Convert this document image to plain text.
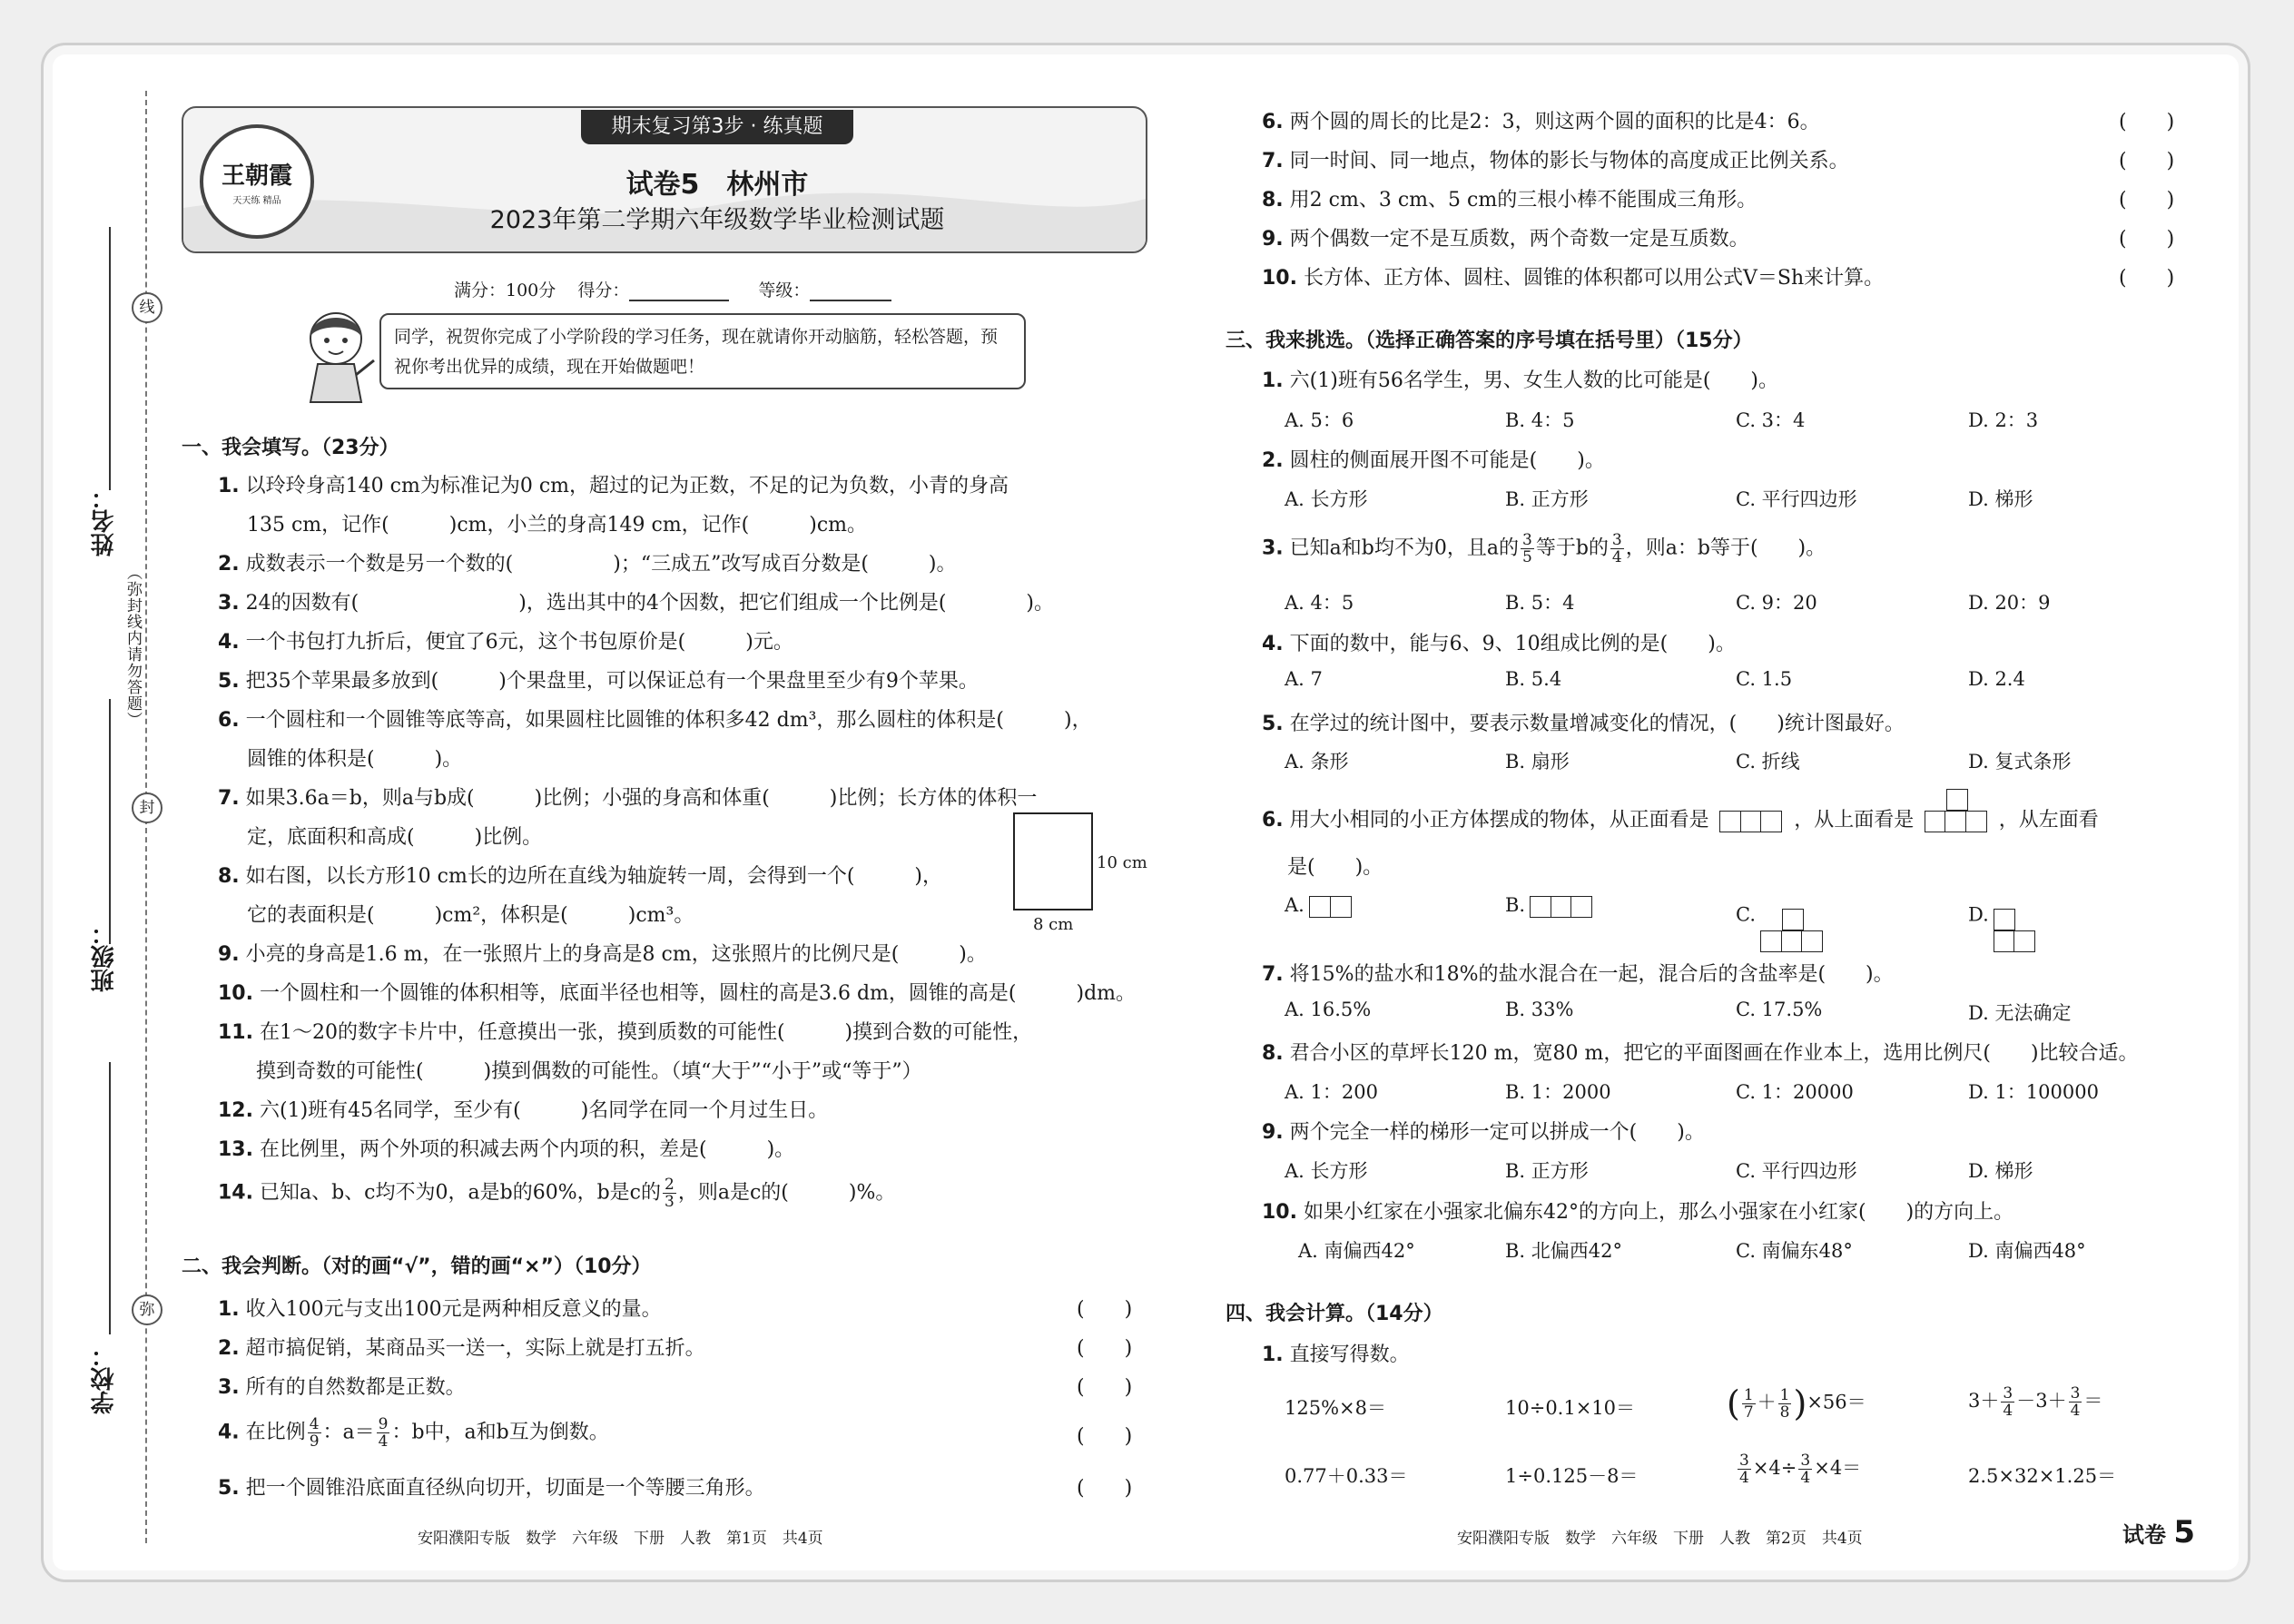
线
封
弥
姓名：
班级：
学校：
（弥封线内请勿答题）
期末复习第3步 · 练真题
王朝霞
天天练 精品
试卷5　林州市
2023年第二学期六年级数学毕业检测试题
满分：100分 得分：	等级：
同学，祝贺你完成了小学阶段的学习任务，现在就请你开动脑筋，轻松答题，预祝你考出优异的成绩，现在开始做题吧！
一、我会填写。（23分）
1. 以玲玲身高140 cm为标准记为0 cm，超过的记为正数，不足的记为负数，小青的身高
135 cm，记作(　　　)cm，小兰的身高149 cm，记作(　　　)cm。
2. 成数表示一个数是另一个数的(　　　　　)；“三成五”改写成百分数是(　　　)。
3. 24的因数有(　　　　　　　　)，选出其中的4个因数，把它们组成一个比例是(　　　　)。
4. 一个书包打九折后，便宜了6元，这个书包原价是(　　　)元。
5. 把35个苹果最多放到(　　　)个果盘里，可以保证总有一个果盘里至少有9个苹果。
6. 一个圆柱和一个圆锥等底等高，如果圆柱比圆锥的体积多42 dm³，那么圆柱的体积是(　　　)，
圆锥的体积是(　　　)。
7. 如果3.6a＝b，则a与b成(　　　)比例；小强的身高和体重(　　　)比例；长方体的体积一
定，底面积和高成(　　　)比例。
8. 如右图，以长方形10 cm长的边所在直线为轴旋转一周，会得到一个(　　　)，
它的表面积是(　　　)cm²，体积是(　　　)cm³。
10 cm
8 cm
9. 小亮的身高是1.6 m，在一张照片上的身高是8 cm，这张照片的比例尺是(　　　)。
10. 一个圆柱和一个圆锥的体积相等，底面半径也相等，圆柱的高是3.6 dm，圆锥的高是(　　　)dm。
11. 在1～20的数字卡片中，任意摸出一张，摸到质数的可能性(　　　)摸到合数的可能性，
摸到奇数的可能性(　　　)摸到偶数的可能性。（填“大于”“小于”或“等于”）
12. 六(1)班有45名同学，至少有(　　　)名同学在同一个月过生日。
13. 在比例里，两个外项的积减去两个内项的积，差是(　　　)。
14. 已知a、b、c均不为0，a是b的60%，b是c的 $\frac{2}{3}$ ，则a是c的(　　　)%。
二、我会判断。（对的画“√”，错的画“×”）（10分）
1. 收入100元与支出100元是两种相反意义的量。	(　　)
2. 超市搞促销，某商品买一送一，实际上就是打五折。	(　　)
3. 所有的自然数都是正数。	(　　)
4. 在比例 $\frac{4}{9}$ ：$a= \frac{9}{4}$ ：b中，a和b互为倒数。	(　　)
5. 把一个圆锥沿底面直径纵向切开，切面是一个等腰三角形。	(　　)
安阳濮阳专版　数学　六年级　下册　人教　第1页　共4页
6. 两个圆的周长的比是2：3，则这两个圆的面积的比是4：6。	(　　)
7. 同一时间、同一地点，物体的影长与物体的高度成正比例关系。	(　　)
8. 用2 cm、3 cm、5 cm的三根小棒不能围成三角形。	(　　)
9. 两个偶数一定不是互质数，两个奇数一定是互质数。	(　　)
10. 长方体、正方体、圆柱、圆锥的体积都可以用公式V＝Sh来计算。	(　　)
三、我来挑选。（选择正确答案的序号填在括号里）（15分）
1. 六(1)班有56名学生，男、女生人数的比可能是(　　)。
A. 5：6	B. 4：5	C. 3：4	D. 2：3
2. 圆柱的侧面展开图不可能是(　　)。
A. 长方形	B. 正方形	C. 平行四边形	D. 梯形
3. 已知a和b均不为0，且a的 $\frac{3}{5}$ 等于b的 $\frac{3}{4}$ ，则a：b等于(　　)。
A. 4：5	B. 5：4	C. 9：20	D. 20：9
4. 下面的数中，能与6、9、10组成比例的是(　　)。
A. 7	B. 5.4	C. 1.5	D. 2.4
5. 在学过的统计图中，要表示数量增减变化的情况，(　　)统计图最好。
A. 条形	B. 扇形	C. 折线	D. 复式条形
6. 用大小相同的小正方体摆成的物体，从正面看是	，从上面看是	，从左面看
是(　　)。
A.	B.	C.	D.
7. 将15%的盐水和18%的盐水混合在一起，混合后的含盐率是(　　)。
A. 16.5%	B. 33%	C. 17.5%	D. 无法确定
8. 君合小区的草坪长120 m，宽80 m，把它的平面图画在作业本上，选用比例尺(　　)比较合适。
A. 1：200	B. 1：2000	C. 1：20000	D. 1：100000
9. 两个完全一样的梯形一定可以拼成一个(　　)。
A. 长方形	B. 正方形	C. 平行四边形	D. 梯形
10. 如果小红家在小强家北偏东42°的方向上，那么小强家在小红家(　　)的方向上。
A. 南偏西42°	B. 北偏西42°	C. 南偏东48°	D. 南偏西48°
四、我会计算。（14分）
1. 直接写得数。
125%×8＝	10÷0.1×10＝	( $\frac{1}{7} + \frac{1}{8} )\times 56=$	$3+ \frac{3}{4} -3+ \frac{3}{4}$ ＝
0.77＋0.33＝	1÷0.125－8＝	$\frac{3}{4} \times 4\div \frac{3}{4} \times 4=$	2.5×32×1.25＝
安阳濮阳专版　数学　六年级　下册　人教　第2页　共4页	试卷 5
